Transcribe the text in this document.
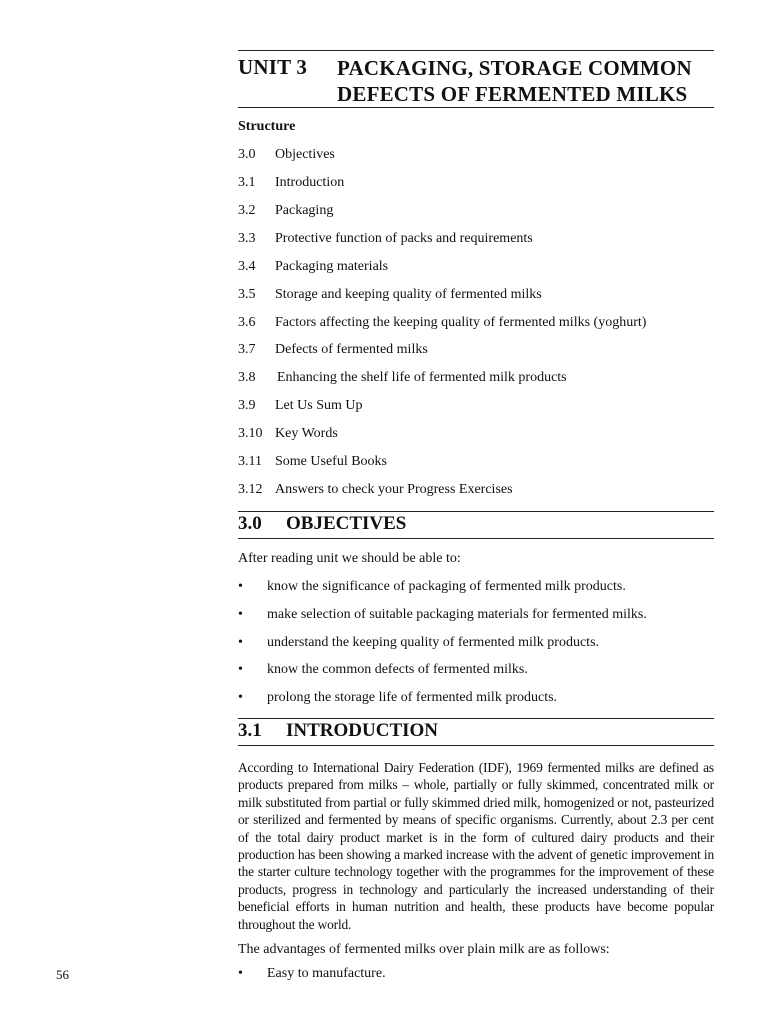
UNIT 3 PACKAGING, STORAGE COMMON DEFECTS OF FERMENTED MILKS
Structure
3.0 Objectives
3.1 Introduction
3.2 Packaging
3.3 Protective function of packs and requirements
3.4 Packaging materials
3.5 Storage and keeping quality of fermented milks
3.6 Factors affecting the keeping quality of fermented milks (yoghurt)
3.7 Defects of fermented milks
3.8 Enhancing the shelf life of fermented milk products
3.9 Let Us Sum Up
3.10 Key Words
3.11 Some Useful Books
3.12 Answers to check your Progress Exercises
3.0 OBJECTIVES
After reading unit we should be able to:
• know the significance of packaging of fermented milk products.
• make selection of suitable packaging materials for fermented milks.
• understand the keeping quality of fermented milk products.
• know the common defects of fermented milks.
• prolong the storage life of fermented milk products.
3.1 INTRODUCTION
According to International Dairy Federation (IDF), 1969 fermented milks are defined as products prepared from milks – whole, partially or fully skimmed, concentrated milk or milk substituted from partial or fully skimmed dried milk, homogenized or not, pasteurized or sterilized and fermented by means of specific organisms. Currently, about 2.3 per cent of the total dairy product market is in the form of cultured dairy products and their production has been showing a marked increase with the advent of genetic improvement in the starter culture technology together with the programmes for the improvement of these products, progress in technology and particularly the increased understanding of their beneficial efforts in human nutrition and health, these products have become popular throughout the world.
The advantages of fermented milks over plain milk are as follows:
• Easy to manufacture.
56
